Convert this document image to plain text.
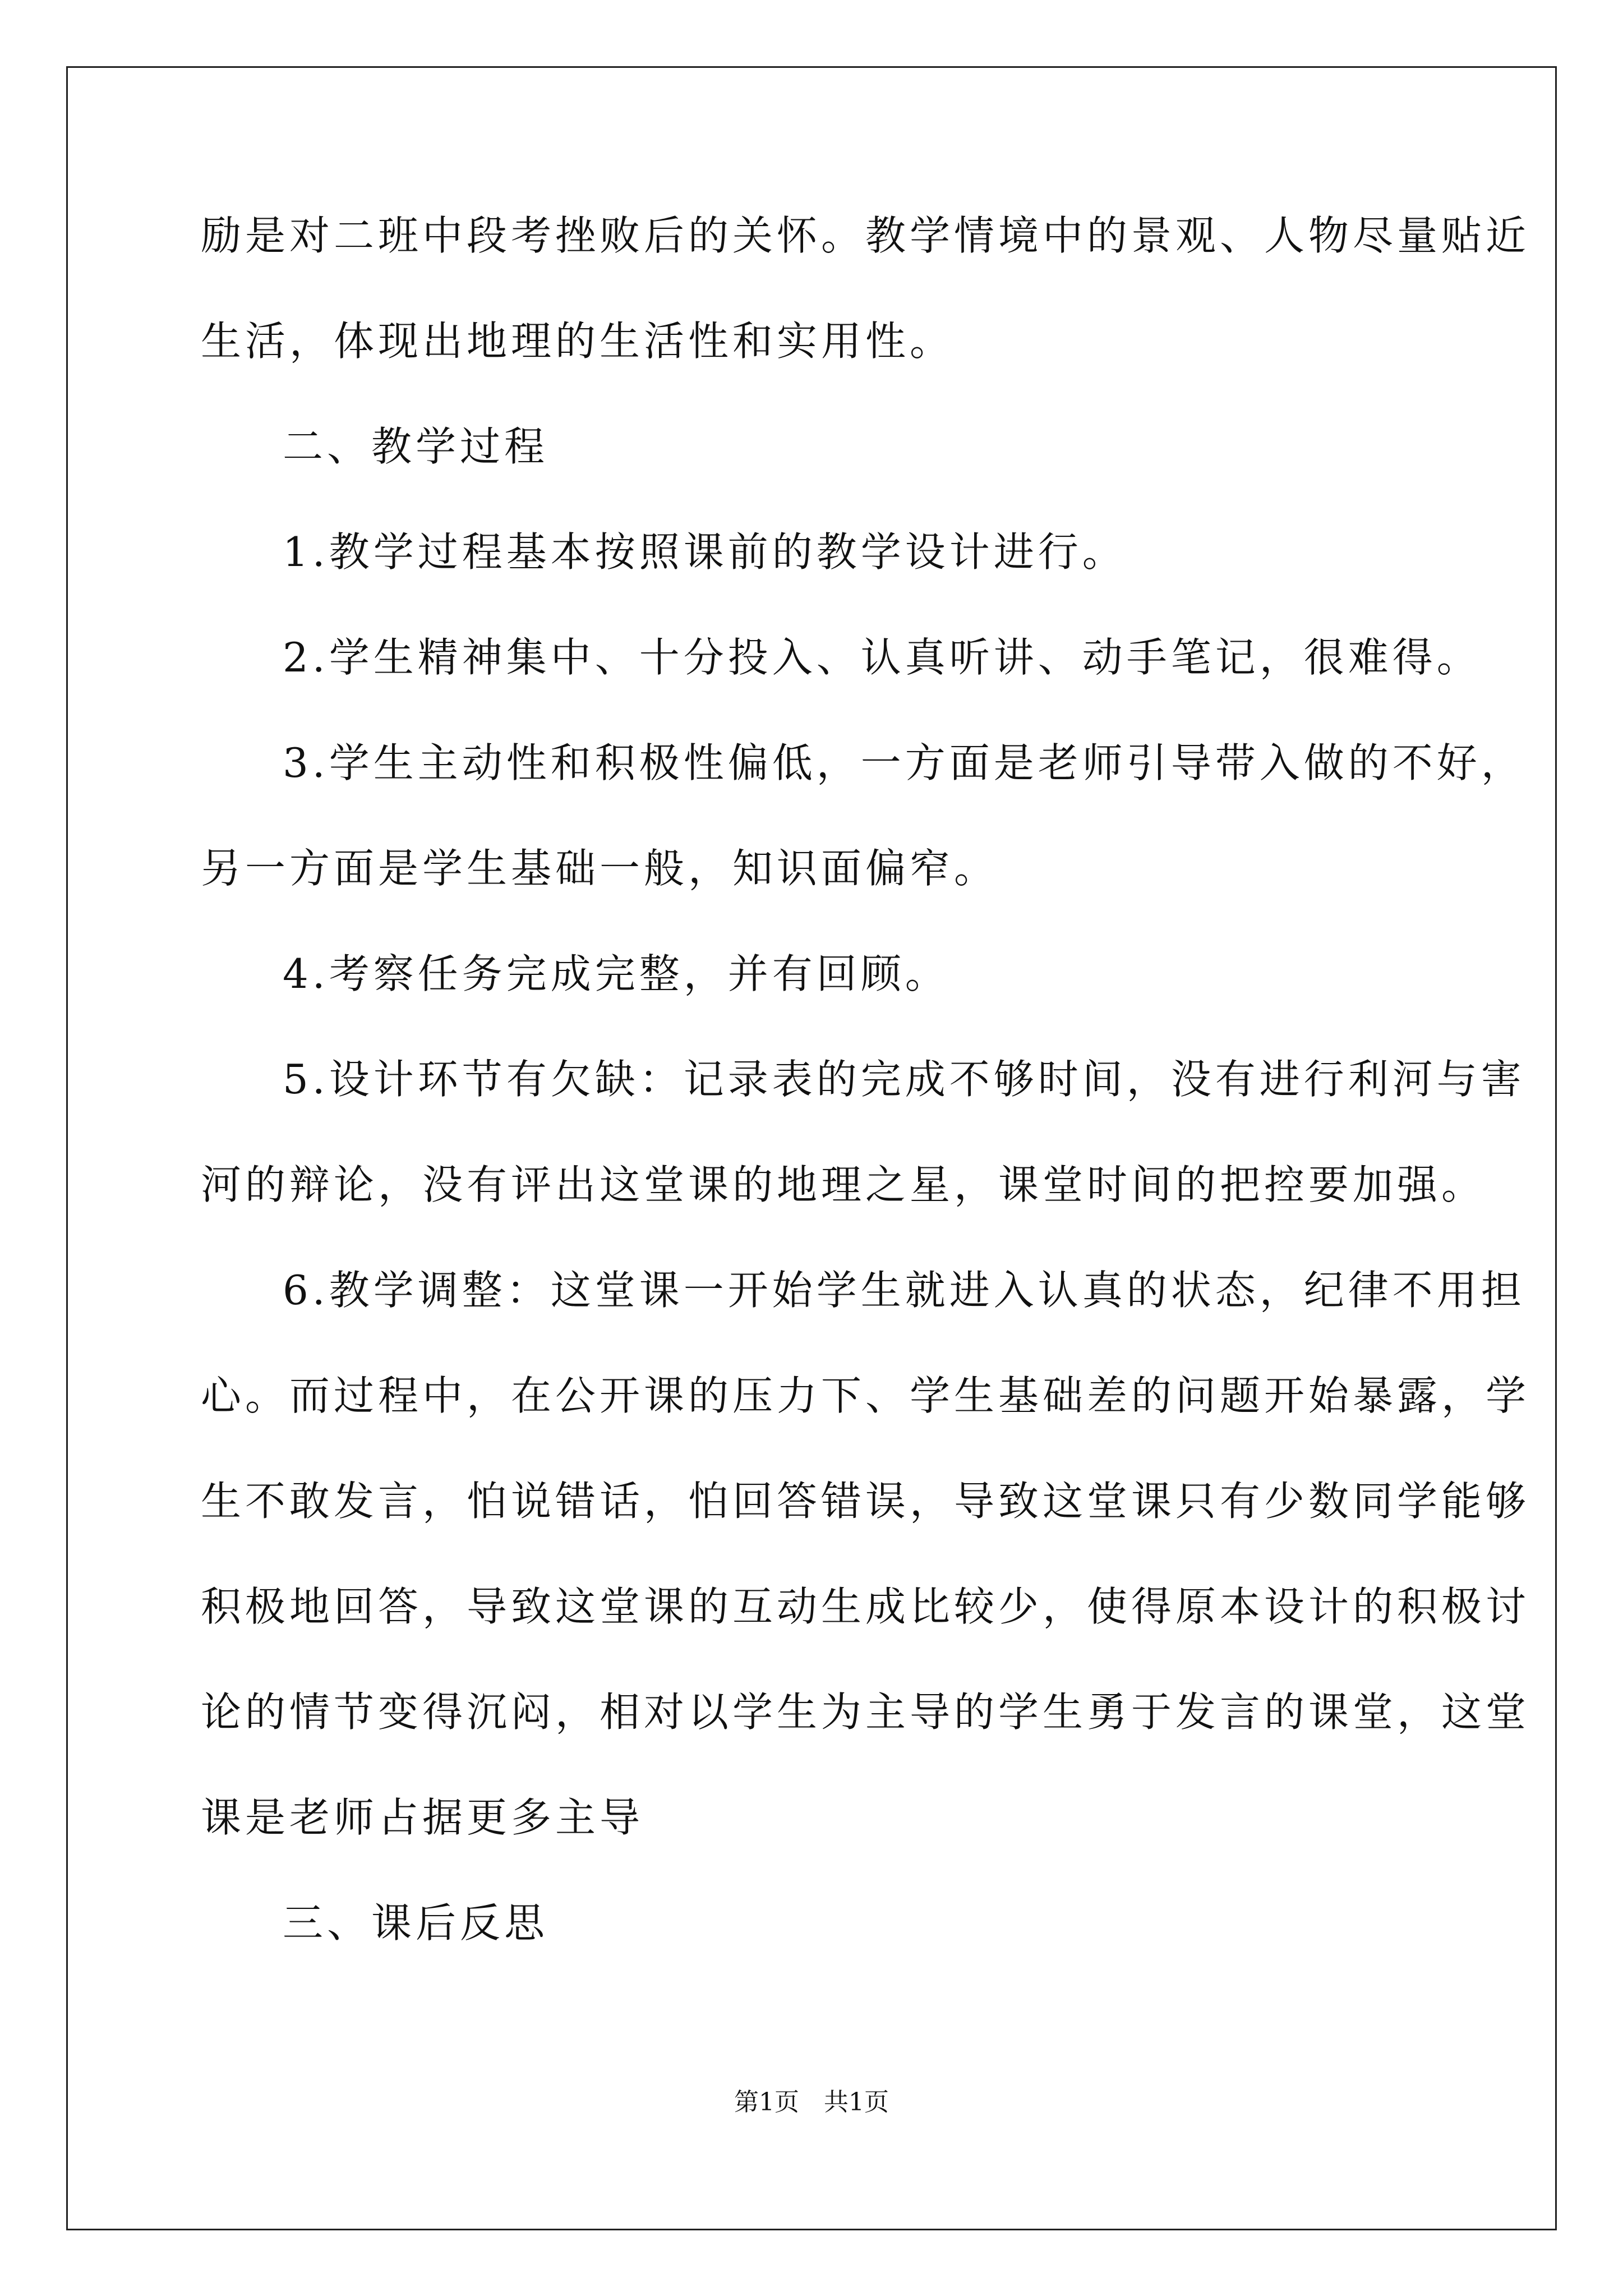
励是对二班中段考挫败后的关怀。教学情境中的景观、人物尽量贴近
生活，体现出地理的生活性和实用性。
二、教学过程
1.教学过程基本按照课前的教学设计进行。
2.学生精神集中、十分投入、认真听讲、动手笔记，很难得。
3.学生主动性和积极性偏低，一方面是老师引导带入做的不好，
另一方面是学生基础一般，知识面偏窄。
4.考察任务完成完整，并有回顾。
5.设计环节有欠缺：记录表的完成不够时间，没有进行利河与害
河的辩论，没有评出这堂课的地理之星，课堂时间的把控要加强。
6.教学调整：这堂课一开始学生就进入认真的状态，纪律不用担
心。而过程中，在公开课的压力下、学生基础差的问题开始暴露，学
生不敢发言，怕说错话，怕回答错误，导致这堂课只有少数同学能够
积极地回答，导致这堂课的互动生成比较少，使得原本设计的积极讨
论的情节变得沉闷，相对以学生为主导的学生勇于发言的课堂，这堂
课是老师占据更多主导
三、课后反思
第1页　共1页
